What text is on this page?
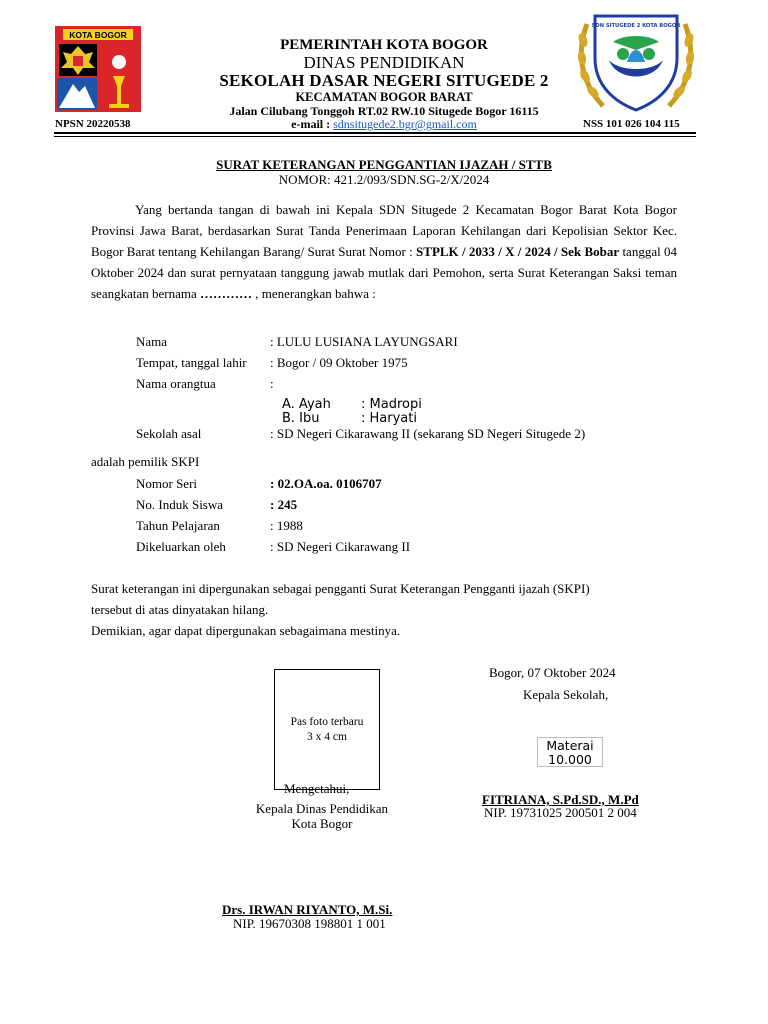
KOTA BOGOR
SDN SITUGEDE 2 KOTA BOGOR
PEMERINTAH KOTA BOGOR
DINAS PENDIDIKAN
SEKOLAH DASAR NEGERI SITUGEDE 2
KECAMATAN BOGOR BARAT
Jalan Cilubang Tonggoh RT.02 RW.10 Situgede Bogor 16115
e-mail : sdnsitugede2.bgr@gmail.com
NPSN 20220538	NSS 101 026 104 115
SURAT KETERANGAN PENGGANTIAN IJAZAH / STTB
NOMOR: 421.2/093/SDN.SG-2/X/2024
Yang bertanda tangan di bawah ini Kepala SDN Situgede 2 Kecamatan Bogor Barat Kota Bogor Provinsi Jawa Barat, berdasarkan Surat Tanda Penerimaan Laporan Kehilangan dari Kepolisian Sektor Kec. Bogor Barat tentang Kehilangan Barang/ Surat Surat Nomor : STPLK / 2033 / X / 2024 / Sek Bobar tanggal 04 Oktober 2024 dan surat pernyataan tanggung jawab mutlak dari Pemohon, serta Surat Keterangan Saksi teman seangkatan bernama ………… , menerangkan bahwa :
Nama	: LULU LUSIANA LAYUNGSARI
Tempat, tanggal lahir : Bogor / 09 Oktober 1975
Nama orangtua	:
A. Ayah : Madropi
B. Ibu	: Haryati
Sekolah asal	: SD Negeri Cikarawang II (sekarang SD Negeri Situgede 2)
adalah pemilik SKPI
Nomor Seri	: 02.OA.oa. 0106707
No. Induk Siswa	: 245
Tahun Pelajaran	: 1988
Dikeluarkan oleh	: SD Negeri Cikarawang II
Surat keterangan ini dipergunakan sebagai pengganti Surat Keterangan Pengganti ijazah (SKPI)
tersebut di atas dinyatakan hilang.
Demikian, agar dapat dipergunakan sebagaimana mestinya.
Bogor, 07 Oktober 2024
Kepala Sekolah,
Materai
10.000
FITRIANA, S.Pd.SD., M.Pd
NIP. 19731025 200501 2 004
Pas foto terbaru
3 x 4 cm
Mengetahui,
Kepala Dinas Pendidikan
Kota Bogor
Drs. IRWAN RIYANTO, M.Si.
NIP. 19670308 198801 1 001
